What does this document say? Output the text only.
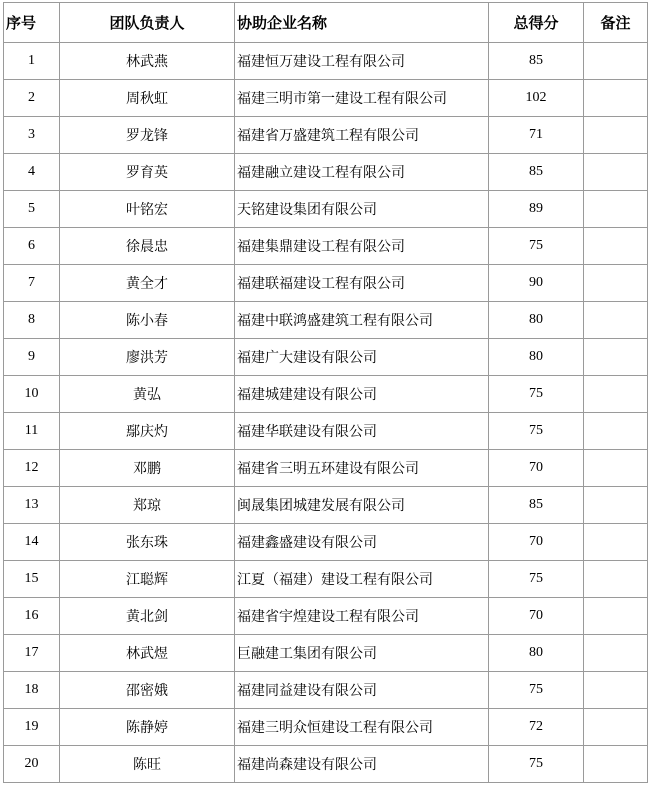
序号	团队负责人	协助企业名称	总得分	备注
1	林武燕	福建恒万建设工程有限公司	85	
2	周秋虹	福建三明市第一建设工程有限公司	102	
3	罗龙锋	福建省万盛建筑工程有限公司	71	
4	罗育英	福建融立建设工程有限公司	85	
5	叶铭宏	天铭建设集团有限公司	89	
6	徐晨忠	福建集鼎建设工程有限公司	75	
7	黄全才	福建联福建设工程有限公司	90	
8	陈小春	福建中联鸿盛建筑工程有限公司	80	
9	廖洪芳	福建广大建设有限公司	80	
10	黄弘	福建城建建设有限公司	75	
11	鄢庆灼	福建华联建设有限公司	75	
12	邓鹏	福建省三明五环建设有限公司	70	
13	郑琼	闽晟集团城建发展有限公司	85	
14	张东珠	福建鑫盛建设有限公司	70	
15	江聪辉	江夏（福建）建设工程有限公司	75	
16	黄北剑	福建省宇煌建设工程有限公司	70	
17	林武煜	巨融建工集团有限公司	80	
18	邵密娥	福建同益建设有限公司	75	
19	陈静婷	福建三明众恒建设工程有限公司	72	
20	陈旺	福建尚森建设有限公司	75	
